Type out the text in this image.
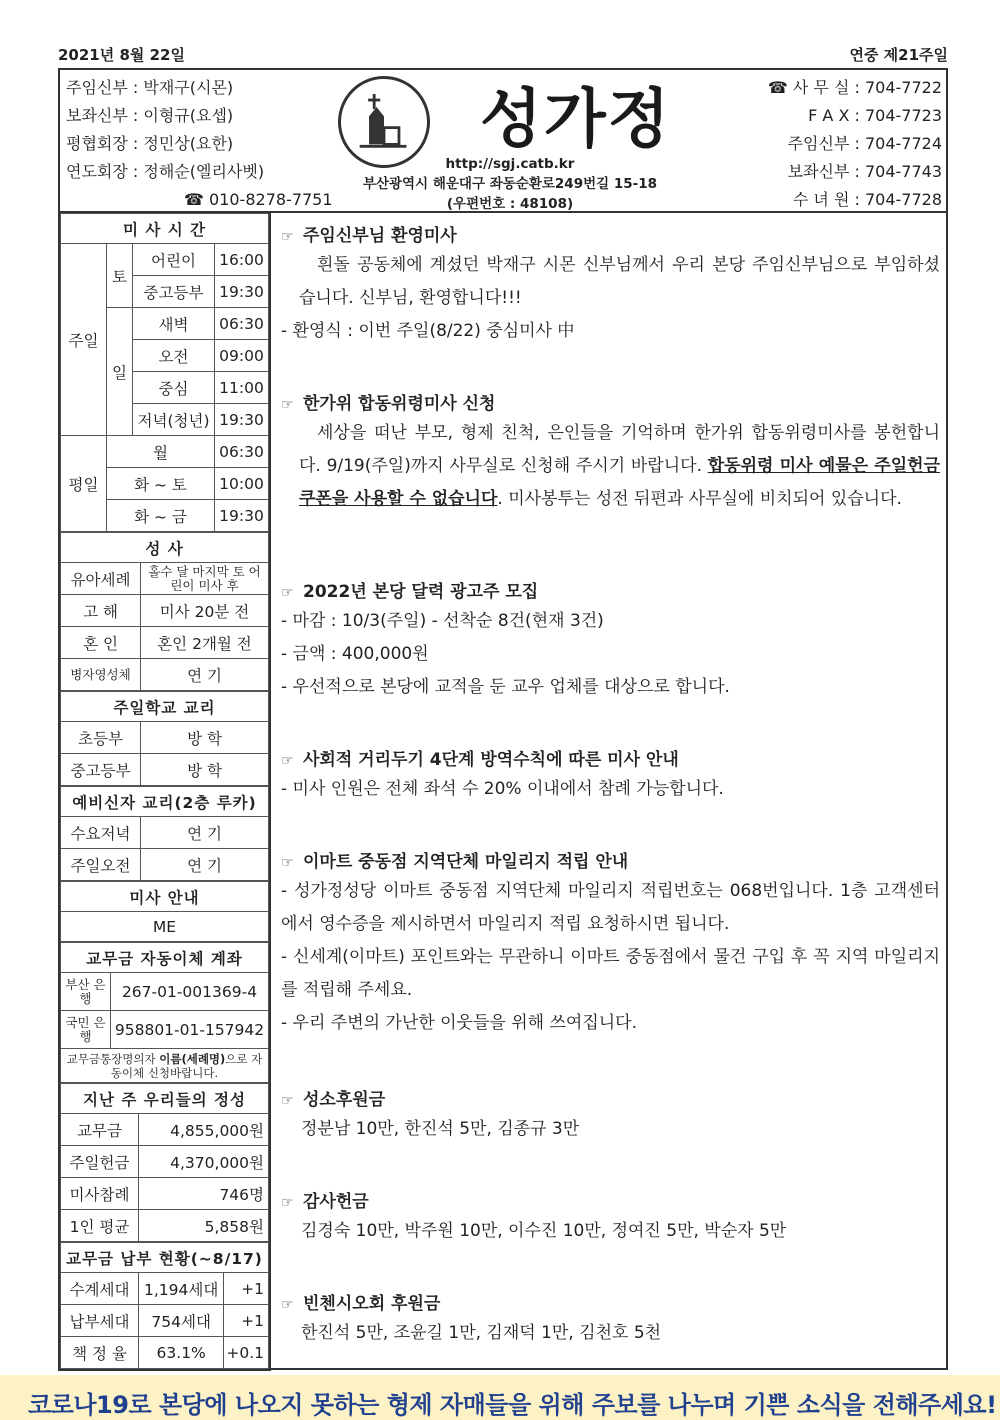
2021년 8월 22일	연중 제21주일
주임신부 : 박재구(시몬)
보좌신부 : 이형규(요셉)
평협회장 : 정민상(요한)
연도회장 : 정해순(엘리사벳)
☎ 010-8278-7751
성가정
http://sgj.catb.kr
부산광역시 해운대구 좌동순환로249번길 15-18
(우편번호 : 48108)
☎ 사 무 실 : 704-7722
F A X : 704-7723
주임신부 : 704-7724
보좌신부 : 704-7743
수 녀 원 : 704-7728
미 사 시 간			
주일	토	어린이	16:00
		중고등부	19:30
	일	새벽	06:30
		오전	09:00
		중심	11:00
		저녁(청년)	19:30
평일	월		06:30
	화 ~ 토		10:00
	화 ~ 금		19:30
성 사	
유아세례	홀수 달 마지막 토 어린이 미사 후
고 해	미사 20분 전
혼 인	혼인 2개월 전
병자영성체	연 기
주일학교 교리	
초등부	방 학
중고등부	방 학
예비신자 교리(2층 루카)	
수요저녁	연 기
주일오전	연 기
미사 안내
ME
교무금 자동이체 계좌	
부산 은행	267-01-001369-4
국민 은행	958801-01-157942
교무금통장명의자 이름(세례명)으로 자동이체 신청바랍니다.	
지난 주 우리들의 정성	
교무금	4,855,000원
주일헌금	4,370,000원
미사참례	746명
1인 평균	5,858원
교무금 납부 현황(~8/17)		
수계세대	1,194세대	+1
납부세대	754세대	+1
책 정 율	63.1%	+0.1
☞ 주임신부님 환영미사

흰돌 공동체에 계셨던 박재구 시몬 신부님께서 우리 본당 주임신부님으로 부임하셨습니다. 신부님, 환영합니다!!!

- 환영식 : 이번 주일(8/22) 중심미사 中

☞ 한가위 합동위령미사 신청

세상을 떠난 부모, 형제 친척, 은인들을 기억하며 한가위 합동위령미사를 봉헌합니다. 9/19(주일)까지 사무실로 신청해 주시기 바랍니다. 합동위령 미사 예물은 주일헌금 쿠폰을 사용할 수 없습니다. 미사봉투는 성전 뒤편과 사무실에 비치되어 있습니다.

☞ 2022년 본당 달력 광고주 모집

- 마감 : 10/3(주일) - 선착순 8건(현재 3건)

- 금액 : 400,000원

- 우선적으로 본당에 교적을 둔 교우 업체를 대상으로 합니다.

☞ 사회적 거리두기 4단계 방역수칙에 따른 미사 안내

- 미사 인원은 전체 좌석 수 20% 이내에서 참례 가능합니다.

☞ 이마트 중동점 지역단체 마일리지 적립 안내

- 성가정성당 이마트 중동점 지역단체 마일리지 적립번호는 068번입니다. 1층 고객센터에서 영수증을 제시하면서 마일리지 적립 요청하시면 됩니다.

- 신세계(이마트) 포인트와는 무관하니 이마트 중동점에서 물건 구입 후 꼭 지역 마일리지를 적립해 주세요.

- 우리 주변의 가난한 이웃들을 위해 쓰여집니다.

☞ 성소후원금

정분남 10만, 한진석 5만, 김종규 3만

☞ 감사헌금

김경숙 10만, 박주원 10만, 이수진 10만, 정여진 5만, 박순자 5만

☞ 빈첸시오회 후원금

한진석 5만, 조윤길 1만, 김재덕 1만, 김천호 5천

코로나19로 본당에 나오지 못하는 형제 자매들을 위해 주보를 나누며 기쁜 소식을 전해주세요!
